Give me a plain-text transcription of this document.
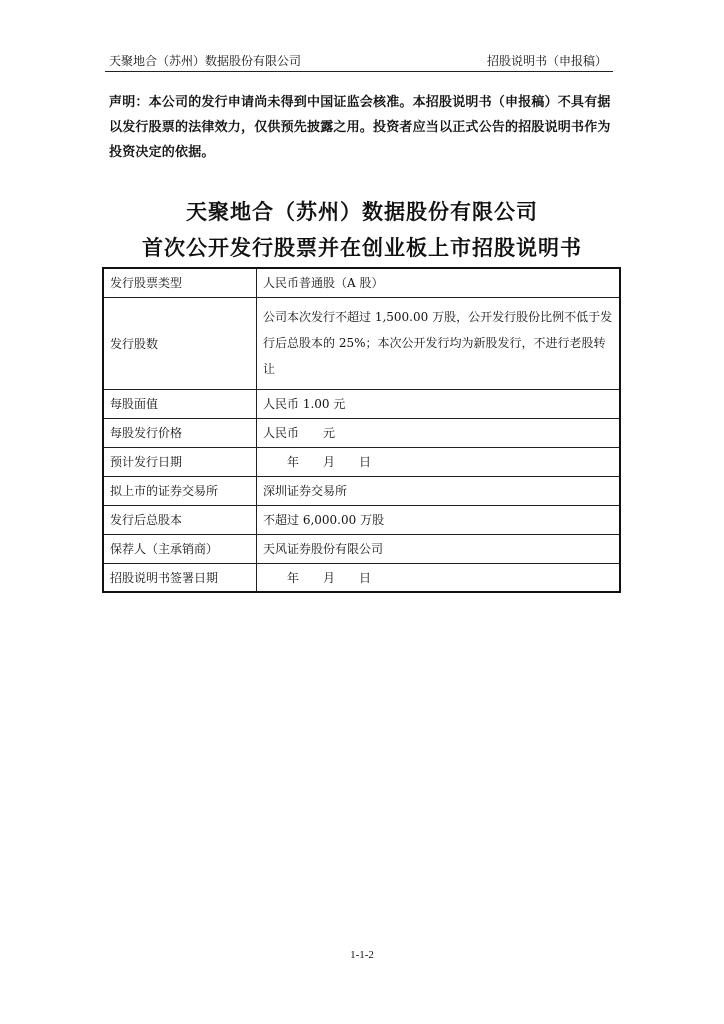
天聚地合（苏州）数据股份有限公司	招股说明书（申报稿）
声明：本公司的发行申请尚未得到中国证监会核准。本招股说明书（申报稿）不具有据以发行股票的法律效力，仅供预先披露之用。投资者应当以正式公告的招股说明书作为投资决定的依据。
天聚地合（苏州）数据股份有限公司
首次公开发行股票并在创业板上市招股说明书
发行股票类型	人民币普通股（A 股）
发行股数	公司本次发行不超过 1,500.00 万股，公开发行股份比例不低于发行后总股本的 25%；本次公开发行均为新股发行，不进行老股转让
每股面值	人民币 1.00 元
每股发行价格	人民币　　元
预计发行日期	　　年　　月　　日
拟上市的证券交易所	深圳证券交易所
发行后总股本	不超过 6,000.00 万股
保荐人（主承销商）	天风证券股份有限公司
招股说明书签署日期	　　年　　月　　日
1-1-2
